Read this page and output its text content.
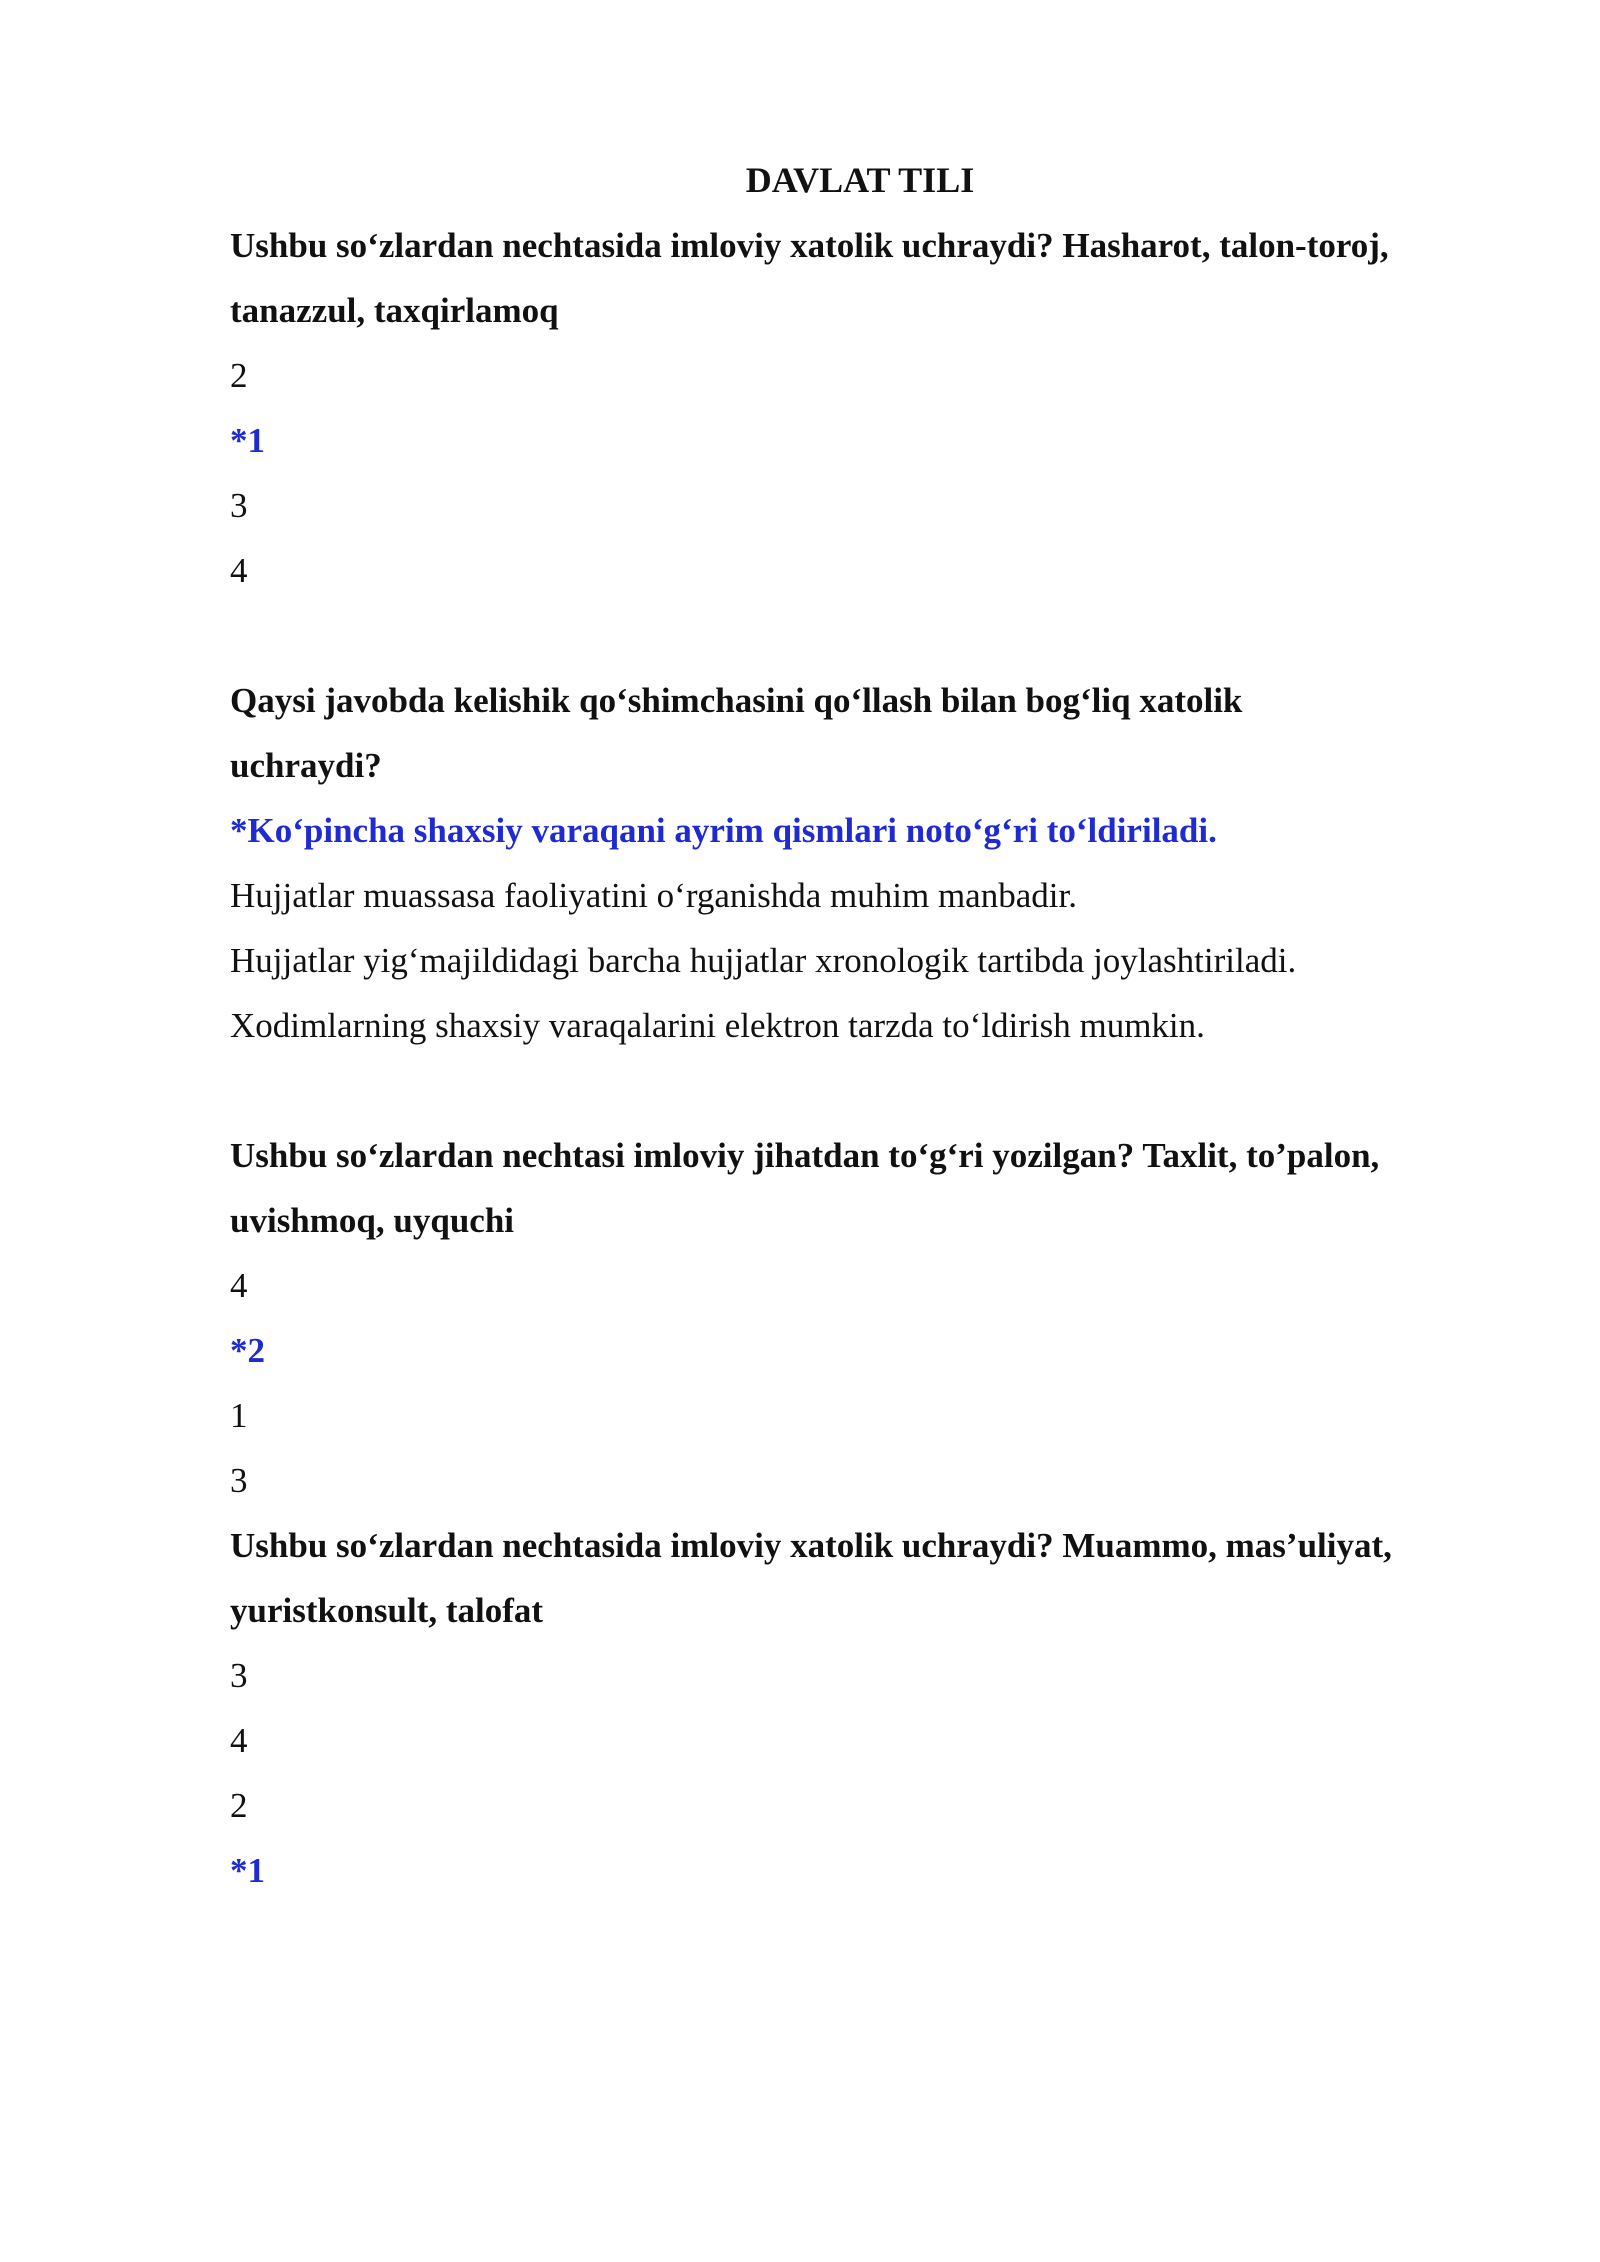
DAVLAT TILI
Ushbu so‘zlardan nechtasida imloviy xatolik uchraydi? Hasharot, talon-toroj,
tanazzul, taxqirlamoq
2
*1
3
4
Qaysi javobda kelishik qo‘shimchasini qo‘llash bilan bog‘liq xatolik
uchraydi?
*Ko‘pincha shaxsiy varaqani ayrim qismlari noto‘g‘ri to‘ldiriladi.
Hujjatlar muassasa faoliyatini o‘rganishda muhim manbadir.
Hujjatlar yig‘majildidagi barcha hujjatlar xronologik tartibda joylashtiriladi.
Xodimlarning shaxsiy varaqalarini elektron tarzda to‘ldirish mumkin.
Ushbu so‘zlardan nechtasi imloviy jihatdan to‘g‘ri yozilgan? Taxlit, to’palon,
uvishmoq, uyquchi
4
*2
1
3
Ushbu so‘zlardan nechtasida imloviy xatolik uchraydi? Muammo, mas’uliyat,
yuristkonsult, talofat
3
4
2
*1
